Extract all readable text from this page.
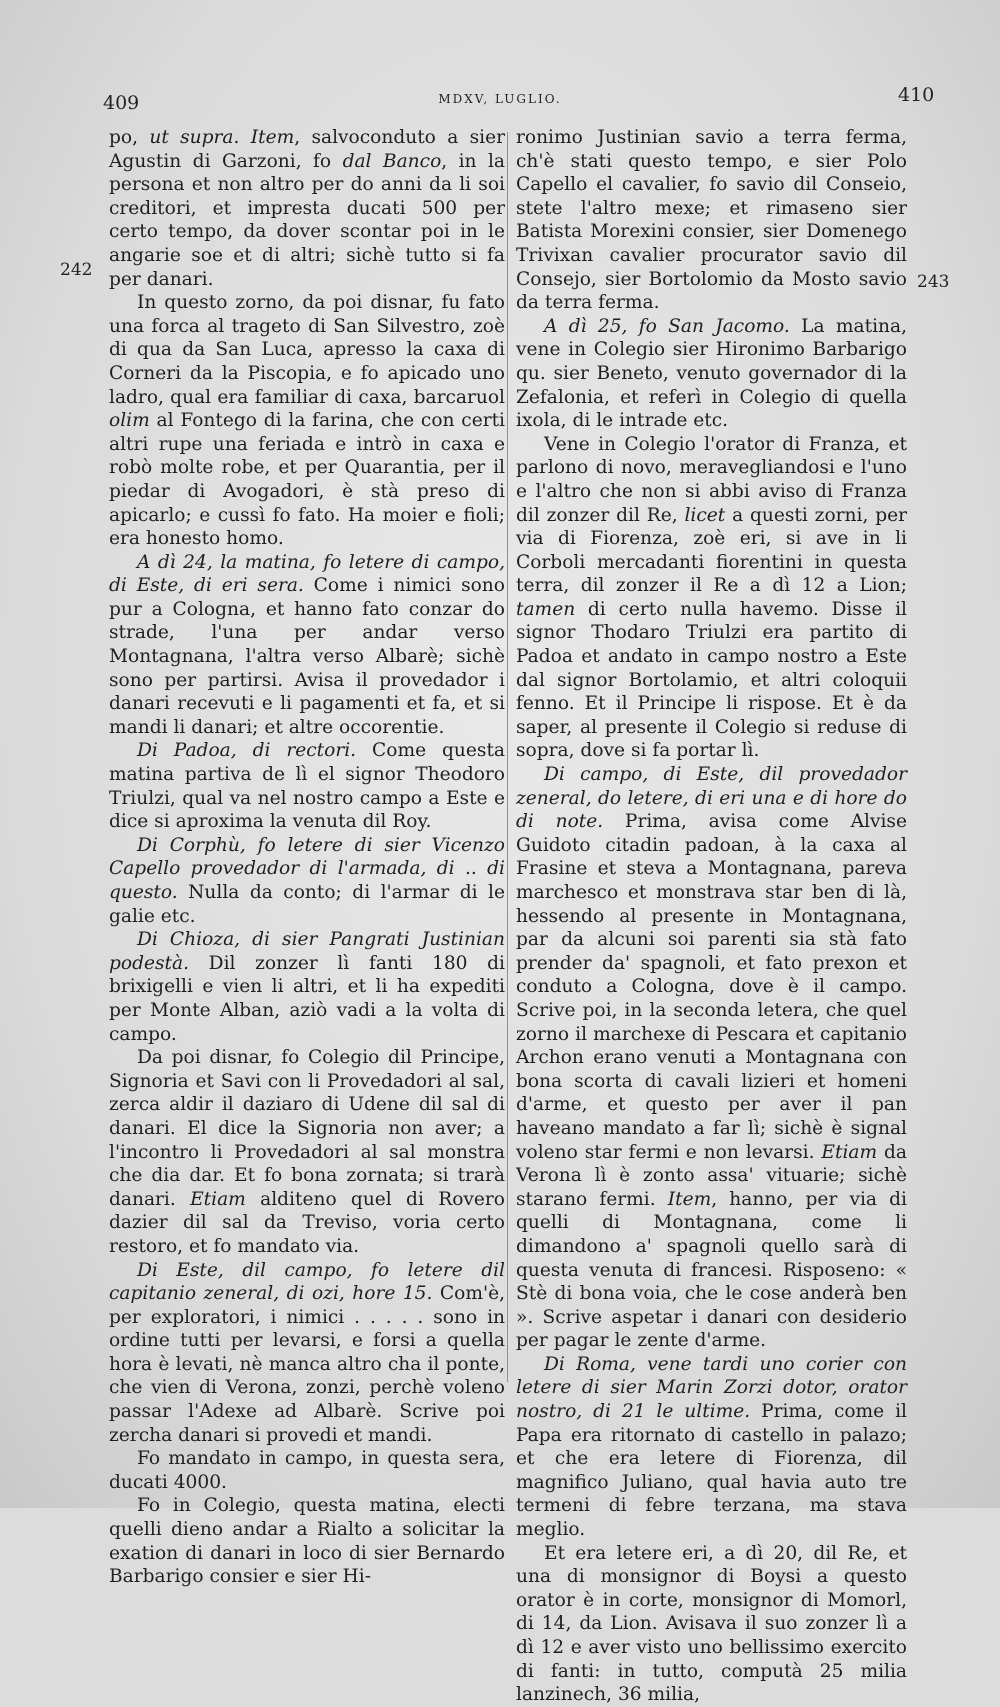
409	MDXV, LUGLIO.	410
242
243

po, ut supra. Item, salvoconduto a sier Agustin di Garzoni, fo dal Banco, in la persona et non altro per do anni da li soi creditori, et impresta ducati 500 per certo tempo, da dover scontar poi in le angarie soe et di altri; sichè tutto si fa per danari.

In questo zorno, da poi disnar, fu fato una forca al trageto di San Silvestro, zoè di qua da San Luca, apresso la caxa di Corneri da la Piscopia, e fo apicado uno ladro, qual era familiar di caxa, barcaruol olim al Fontego di la farina, che con certi altri rupe una feriada e intrò in caxa e robò molte robe, et per Quarantia, per il piedar di Avogadori, è stà preso di apicarlo; e cussì fo fato. Ha moier e fioli; era honesto homo.

A dì 24, la matina, fo letere di campo, di Este, di eri sera. Come i nimici sono pur a Cologna, et hanno fato conzar do strade, l'una per andar verso Montagnana, l'altra verso Albarè; sichè sono per partirsi. Avisa il provedador i danari recevuti e li pagamenti et fa, et si mandi li danari; et altre occorentie.

Di Padoa, di rectori. Come questa matina partiva de lì el signor Theodoro Triulzi, qual va nel nostro campo a Este e dice si aproxima la venuta dil Roy.

Di Corphù, fo letere di sier Vicenzo Capello provedador di l'armada, di .. di questo. Nulla da conto; di l'armar di le galie etc.

Di Chioza, di sier Pangrati Justinian podestà. Dil zonzer lì fanti 180 di brixigelli e vien li altri, et li ha expediti per Monte Alban, aziò vadi a la volta di campo.

Da poi disnar, fo Colegio dil Principe, Signoria et Savi con li Provedadori al sal, zerca aldir il daziaro di Udene dil sal di danari. El dice la Signoria non aver; a l'incontro li Provedadori al sal monstra che dia dar. Et fo bona zornata; si trarà danari. Etiam alditeno quel di Rovero dazier dil sal da Treviso, voria certo restoro, et fo mandato via.

Di Este, dil campo, fo letere dil capitanio zeneral, di ozi, hore 15. Com'è, per exploratori, i nimici . . . . . sono in ordine tutti per levarsi, e forsi a quella hora è levati, nè manca altro cha il ponte, che vien di Verona, zonzi, perchè voleno passar l'Adexe ad Albarè. Scrive poi zercha danari si provedi et mandi.

Fo mandato in campo, in questa sera, ducati 4000.

Fo in Colegio, questa matina, electi quelli dieno andar a Rialto a solicitar la exation di danari in loco di sier Bernardo Barbarigo consier e sier Hi-

ronimo Justinian savio a terra ferma, ch'è stati questo tempo, e sier Polo Capello el cavalier, fo savio dil Conseio, stete l'altro mexe; et rimaseno sier Batista Morexini consier, sier Domenego Trivixan cavalier procurator savio dil Consejo, sier Bortolomio da Mosto savio da terra ferma.

A dì 25, fo San Jacomo. La matina, vene in Colegio sier Hironimo Barbarigo qu. sier Beneto, venuto governador di la Zefalonia, et referì in Colegio di quella ixola, di le intrade etc.

Vene in Colegio l'orator di Franza, et parlono di novo, meravegliandosi e l'uno e l'altro che non si abbi aviso di Franza dil zonzer dil Re, licet a questi zorni, per via di Fiorenza, zoè eri, si ave in li Corboli mercadanti fiorentini in questa terra, dil zonzer il Re a dì 12 a Lion; tamen di certo nulla havemo. Disse il signor Thodaro Triulzi era partito di Padoa et andato in campo nostro a Este dal signor Bortolamio, et altri coloquii fenno. Et il Principe li rispose. Et è da saper, al presente il Colegio si reduse di sopra, dove si fa portar lì.

Di campo, di Este, dil provedador zeneral, do letere, di eri una e di hore do di note. Prima, avisa come Alvise Guidoto citadin padoan, à la caxa al Frasine et steva a Montagnana, pareva marchesco et monstrava star ben di là, hessendo al presente in Montagnana, par da alcuni soi parenti sia stà fato prender da' spagnoli, et fato prexon et conduto a Cologna, dove è il campo. Scrive poi, in la seconda letera, che quel zorno il marchexe di Pescara et capitanio Archon erano venuti a Montagnana con bona scorta di cavali lizieri et homeni d'arme, et questo per aver il pan haveano mandato a far lì; sichè è signal voleno star fermi e non levarsi. Etiam da Verona lì è zonto assa' vituarie; sichè starano fermi. Item, hanno, per via di quelli di Montagnana, come li dimandono a' spagnoli quello sarà di questa venuta di francesi. Risposeno: « Stè di bona voia, che le cose anderà ben ». Scrive aspetar i danari con desiderio per pagar le zente d'arme.

Di Roma, vene tardi uno corier con letere di sier Marin Zorzi dotor, orator nostro, di 21 le ultime. Prima, come il Papa era ritornato di castello in palazo; et che era letere di Fiorenza, dil magnifico Juliano, qual havia auto tre termeni di febre terzana, ma stava meglio.

Et era letere eri, a dì 20, dil Re, et una di monsignor di Boysi a questo orator è in corte, monsignor di Momorl, di 14, da Lion. Avisava il suo zonzer lì a dì 12 e aver visto uno bellissimo exercito di fanti: in tutto, computà 25 milia lanzinech, 36 milia,
